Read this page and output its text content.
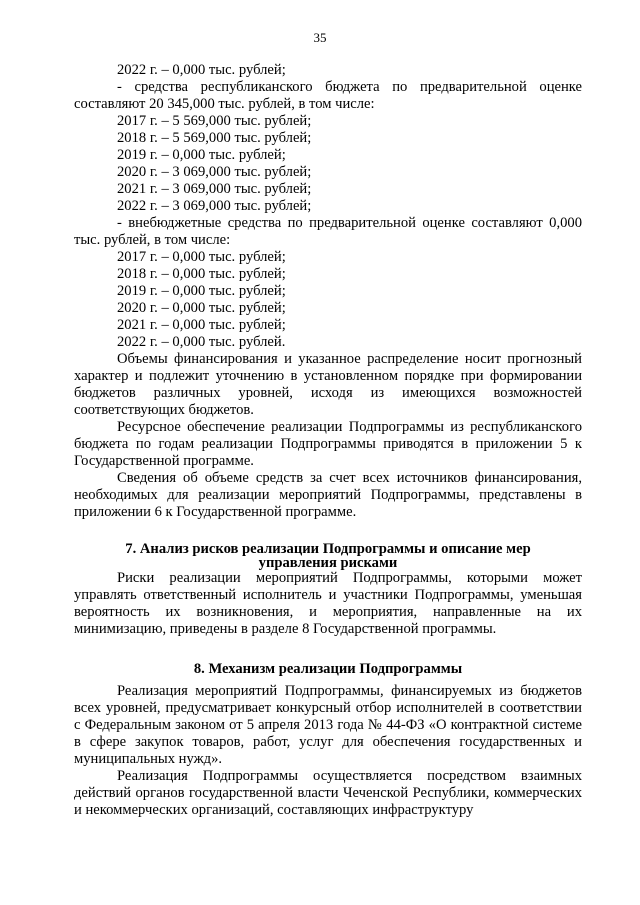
35

2022 г. – 0,000 тыс. рублей;

- средства республиканского бюджета по предварительной оценке составляют 20 345,000 тыс. рублей, в том числе:

2017 г. – 5 569,000 тыс. рублей;

2018 г. – 5 569,000 тыс. рублей;

2019 г. – 0,000 тыс. рублей;

2020 г. – 3 069,000 тыс. рублей;

2021 г. – 3 069,000 тыс. рублей;

2022 г. – 3 069,000 тыс. рублей;

- внебюджетные средства по предварительной оценке составляют 0,000 тыс. рублей, в том числе:

2017 г. – 0,000 тыс. рублей;

2018 г. – 0,000 тыс. рублей;

2019 г. – 0,000 тыс. рублей;

2020 г. – 0,000 тыс. рублей;

2021 г. – 0,000 тыс. рублей;

2022 г. – 0,000 тыс. рублей.

Объемы финансирования и указанное распределение носит прогнозный характер и подлежит уточнению в установленном порядке при формировании бюджетов различных уровней, исходя из имеющихся возможностей соответствующих бюджетов.

Ресурсное обеспечение реализации Подпрограммы из республиканского бюджета по годам реализации Подпрограммы приводятся в приложении 5 к Государственной программе.

Сведения об объеме средств за счет всех источников финансирования, необходимых для реализации мероприятий Подпрограммы, представлены в приложении 6 к Государственной программе.

7. Анализ рисков реализации Подпрограммы и описание мер
управления рисками

Риски реализации мероприятий Подпрограммы, которыми может управлять ответственный исполнитель и участники Подпрограммы, уменьшая вероятность их возникновения, и мероприятия, направленные на их минимизацию, приведены в разделе 8 Государственной программы.

8. Механизм реализации Подпрограммы

Реализация мероприятий Подпрограммы, финансируемых из бюджетов всех уровней, предусматривает конкурсный отбор исполнителей в соответствии с Федеральным законом от 5 апреля 2013 года № 44-ФЗ «О контрактной системе в сфере закупок товаров, работ, услуг для обеспечения государственных и муниципальных нужд».

Реализация Подпрограммы осуществляется посредством взаимных действий органов государственной власти Чеченской Республики, коммерческих и некоммерческих организаций, составляющих инфраструктуру
